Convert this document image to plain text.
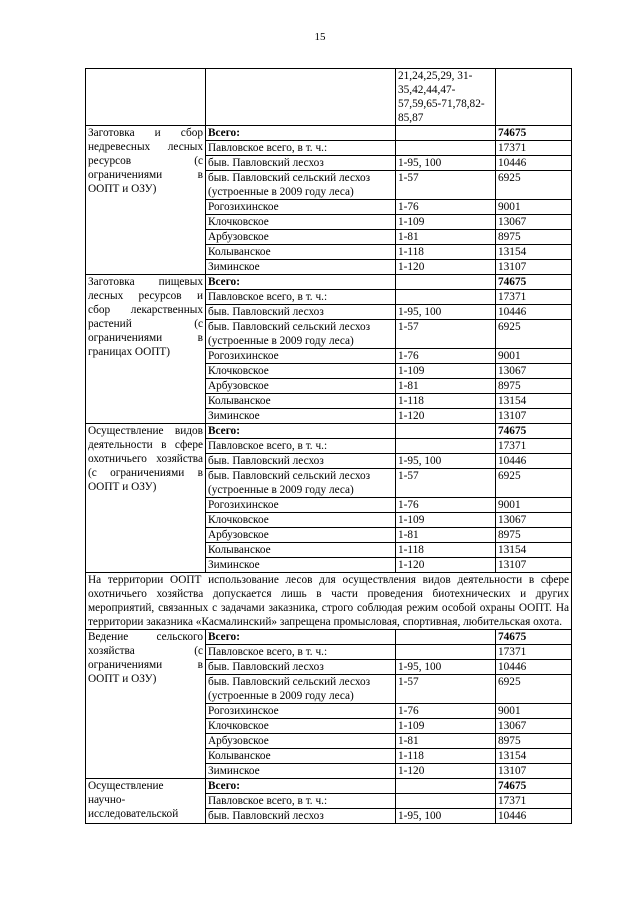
15
		21,24,25,29, 31-35,42,44,47-57,59,65-71,78,82-85,87	
Заготовка и сбор недревесных лесных ресурсов (с ограничениями в ООПТ и ОЗУ)	Всего:		74675
	Павловское всего, в т. ч.:		17371
	быв. Павловский лесхоз	1-95, 100	10446
	быв. Павловский сельский лесхоз (устроенные в 2009 году леса)	1-57	6925
	Рогозихинское	1-76	9001
	Клочковское	1-109	13067
	Арбузовское	1-81	8975
	Колыванское	1-118	13154
	Зиминское	1-120	13107
Заготовка пищевых лесных ресурсов и сбор лекарственных растений (с ограничениями в границах ООПТ)	Всего:		74675
	Павловское всего, в т. ч.:		17371
	быв. Павловский лесхоз	1-95, 100	10446
	быв. Павловский сельский лесхоз (устроенные в 2009 году леса)	1-57	6925
	Рогозихинское	1-76	9001
	Клочковское	1-109	13067
	Арбузовское	1-81	8975
	Колыванское	1-118	13154
	Зиминское	1-120	13107
Осуществление видов деятельности в сфере охотничьего хозяйства (с ограничениями в ООПТ и ОЗУ)	Всего:		74675
	Павловское всего, в т. ч.:		17371
	быв. Павловский лесхоз	1-95, 100	10446
	быв. Павловский сельский лесхоз (устроенные в 2009 году леса)	1-57	6925
	Рогозихинское	1-76	9001
	Клочковское	1-109	13067
	Арбузовское	1-81	8975
	Колыванское	1-118	13154
	Зиминское	1-120	13107
На территории ООПТ использование лесов для осуществления видов деятельности в сфере охотничьего хозяйства допускается лишь в части проведения биотехнических и других мероприятий, связанных с задачами заказника, строго соблюдая режим особой охраны ООПТ. На территории заказника «Касмалинский» запрещена промысловая, спортивная, любительская охота.			
Ведение сельского хозяйства (с ограничениями в ООПТ и ОЗУ)	Всего:		74675
	Павловское всего, в т. ч.:		17371
	быв. Павловский лесхоз	1-95, 100	10446
	быв. Павловский сельский лесхоз (устроенные в 2009 году леса)	1-57	6925
	Рогозихинское	1-76	9001
	Клочковское	1-109	13067
	Арбузовское	1-81	8975
	Колыванское	1-118	13154
	Зиминское	1-120	13107
Осуществление научно-исследовательской	Всего:		74675
	Павловское всего, в т. ч.:		17371
	быв. Павловский лесхоз	1-95, 100	10446
